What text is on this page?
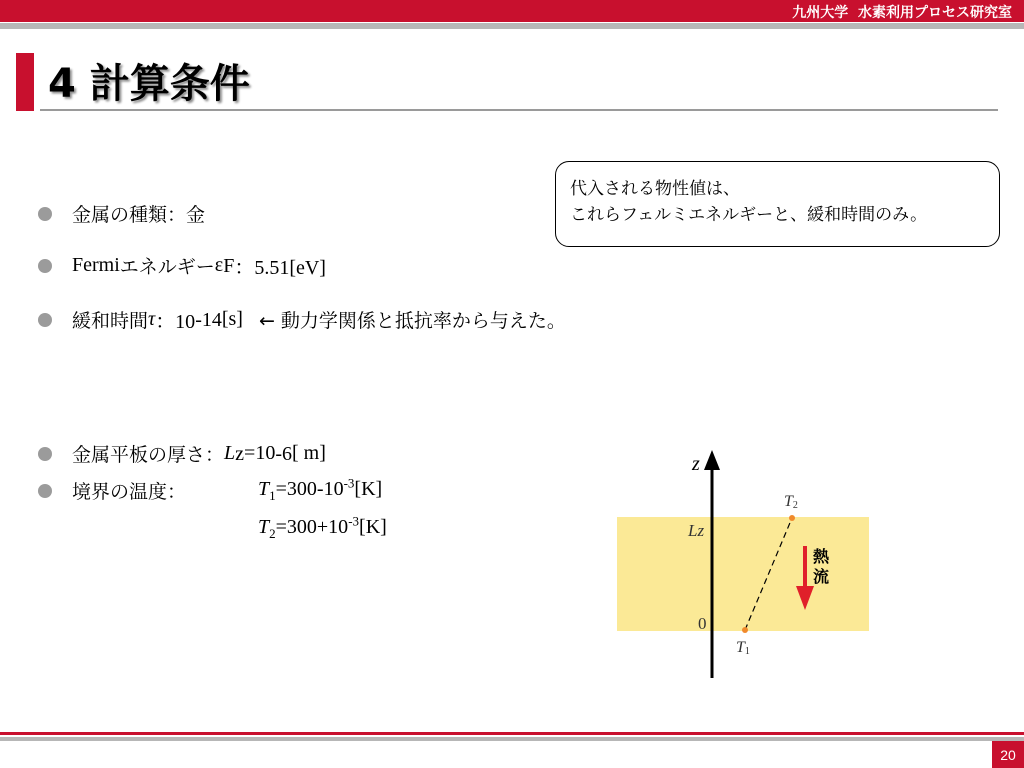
九州大学  水素利用プロセス研究室
4 計算条件
金属の種類：金
Fermi エネルギー ε F ：5.51[eV]
緩和時間 τ ：10 -14 [s] ← 動力学関係と抵抗率から与えた。
金属平板の厚さ ： L z =10 -6 [ m]
境界の温度 ：	$T_1=300-10^{-3}[K]$
$T_2=300+10^{-3}[K]$
代入される物性値は、
これらフェルミエネルギーと、緩和時間のみ。
z
Lz
0
T1
T2
熱
流
20
